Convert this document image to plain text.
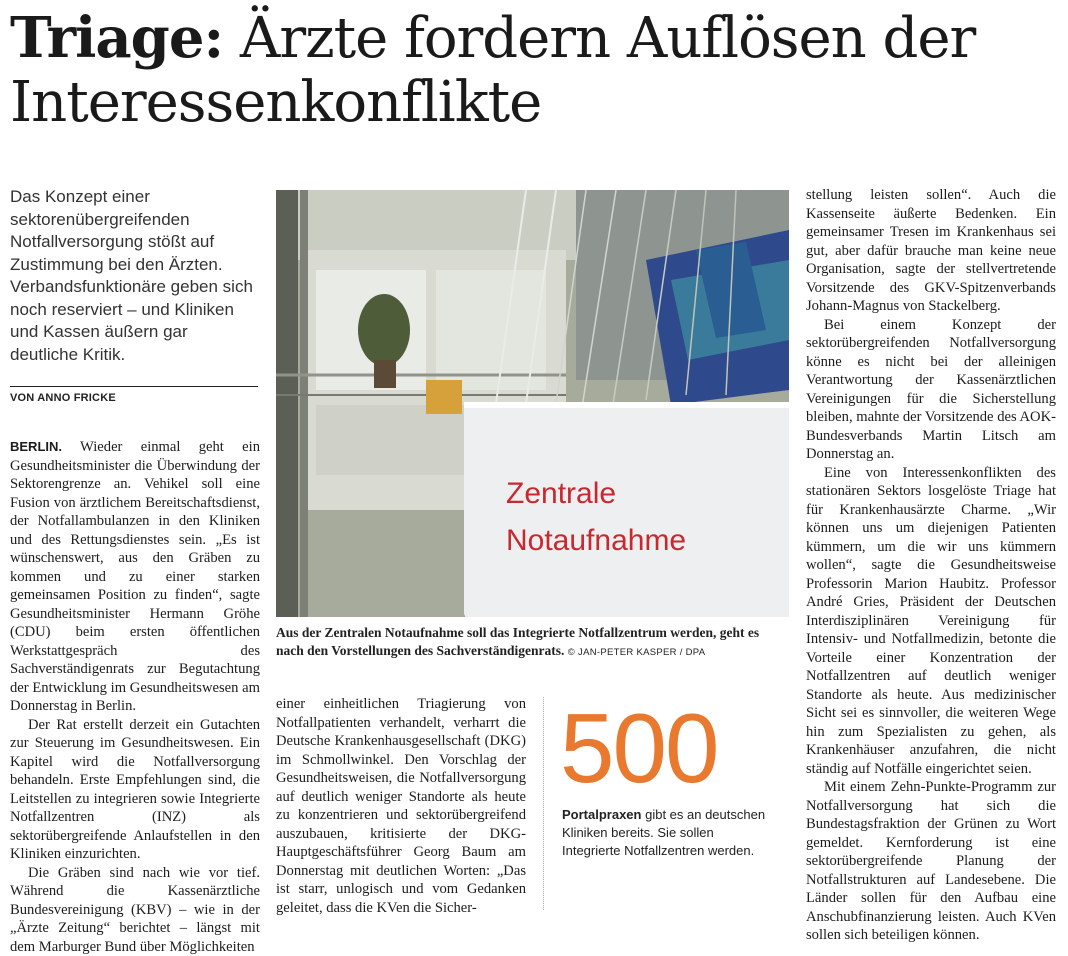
Triage: Ärzte fordern Auflösen der Interessenkonflikte

Das Konzept einer sektorenübergreifenden Notfallversorgung stößt auf Zustimmung bei den Ärzten. Verbandsfunktionäre geben sich noch reserviert – und Kliniken und Kassen äußern gar deutliche Kritik.

VON ANNO FRICKE

BERLIN. Wieder einmal geht ein Gesundheitsminister die Überwindung der Sektorengrenze an. Vehikel soll eine Fusion von ärztlichem Bereitschaftsdienst, der Notfallambulanzen in den Kliniken und des Rettungsdienstes sein. „Es ist wünschenswert, aus den Gräben zu kommen und zu einer starken gemeinsamen Position zu finden“, sagte Gesundheitsminister Hermann Gröhe (CDU) beim ersten öffentlichen Werkstattgespräch des Sachverständigenrats zur Begutachtung der Entwicklung im Gesundheitswesen am Donnerstag in Berlin.

Der Rat erstellt derzeit ein Gutachten zur Steuerung im Gesundheitswesen. Ein Kapitel wird die Notfallversorgung behandeln. Erste Empfehlungen sind, die Leitstellen zu integrieren sowie Integrierte Notfallzentren (INZ) als sektorübergreifende Anlaufstellen in den Kliniken einzurichten.

Die Gräben sind nach wie vor tief. Während die Kassenärztliche Bundesvereinigung (KBV) – wie in der „Ärzte Zeitung“ berichtet – längst mit dem Marburger Bund über Möglichkeiten

Zentrale
Notaufnahme
Aus der Zentralen Notaufnahme soll das Integrierte Notfallzentrum werden, geht es nach den Vorstellungen des Sachverständigenrats. © JAN-PETER KASPER / DPA

einer einheitlichen Triagierung von Notfallpatienten verhandelt, verharrt die Deutsche Krankenhausgesellschaft (DKG) im Schmollwinkel. Den Vorschlag der Gesundheitsweisen, die Notfallversorgung auf deutlich weniger Standorte als heute zu konzentrieren und sektorübergreifend auszubauen, kritisierte der DKG-Hauptgeschäftsführer Georg Baum am Donnerstag mit deutlichen Worten: „Das ist starr, unlogisch und vom Gedanken geleitet, dass die KVen die Sicher-

500
Portalpraxen gibt es an deutschen Kliniken bereits. Sie sollen Integrierte Notfallzentren werden.

stellung leisten sollen“. Auch die Kassenseite äußerte Bedenken. Ein gemeinsamer Tresen im Krankenhaus sei gut, aber dafür brauche man keine neue Organisation, sagte der stellvertretende Vorsitzende des GKV-Spitzenverbands Johann-Magnus von Stackelberg.

Bei einem Konzept der sektorübergreifenden Notfallversorgung könne es nicht bei der alleinigen Verantwortung der Kassenärztlichen Vereinigungen für die Sicherstellung bleiben, mahnte der Vorsitzende des AOK-Bundesverbands Martin Litsch am Donnerstag an.

Eine von Interessenkonflikten des stationären Sektors losgelöste Triage hat für Krankenhausärzte Charme. „Wir können uns um diejenigen Patienten kümmern, um die wir uns kümmern wollen“, sagte die Gesundheitsweise Professorin Marion Haubitz. Professor André Gries, Präsident der Deutschen Interdisziplinären Vereinigung für Intensiv- und Notfallmedizin, betonte die Vorteile einer Konzentration der Notfallzentren auf deutlich weniger Standorte als heute. Aus medizinischer Sicht sei es sinnvoller, die weiteren Wege hin zum Spezialisten zu gehen, als Krankenhäuser anzufahren, die nicht ständig auf Notfälle eingerichtet seien.

Mit einem Zehn-Punkte-Programm zur Notfallversorgung hat sich die Bundestagsfraktion der Grünen zu Wort gemeldet. Kernforderung ist eine sektorübergreifende Planung der Notfallstrukturen auf Landesebene. Die Länder sollen für den Aufbau eine Anschubfinanzierung leisten. Auch KVen sollen sich beteiligen können.
